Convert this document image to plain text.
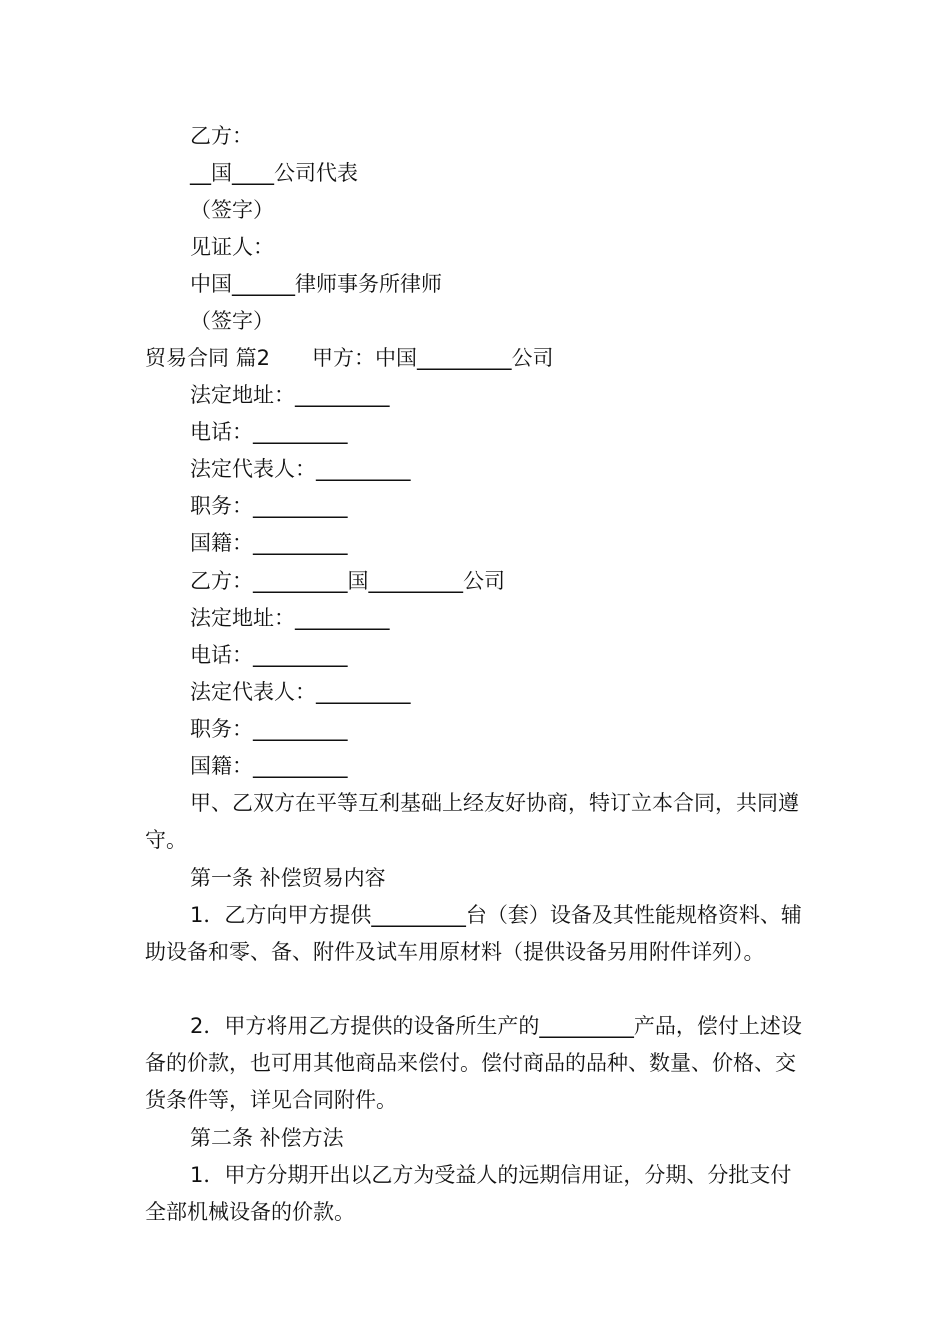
乙方：
__国____公司代表
（签字）
见证人：
中国______律师事务所律师
（签字）
贸易合同 篇2　　甲方：中国_________公司
法定地址：_________
电话：_________
法定代表人：_________
职务：_________
国籍：_________
乙方：_________国_________公司
法定地址：_________
电话：_________
法定代表人：_________
职务：_________
国籍：_________
甲、乙双方在平等互利基础上经友好协商，特订立本合同，共同遵守。
第一条 补偿贸易内容
1．乙方向甲方提供_________台（套）设备及其性能规格资料、辅助设备和零、备、附件及试车用原材料（提供设备另用附件详列）。
2．甲方将用乙方提供的设备所生产的_________产品，偿付上述设备的价款，也可用其他商品来偿付。偿付商品的品种、数量、价格、交货条件等，详见合同附件。
第二条 补偿方法
1．甲方分期开出以乙方为受益人的远期信用证，分期、分批支付全部机械设备的价款。
